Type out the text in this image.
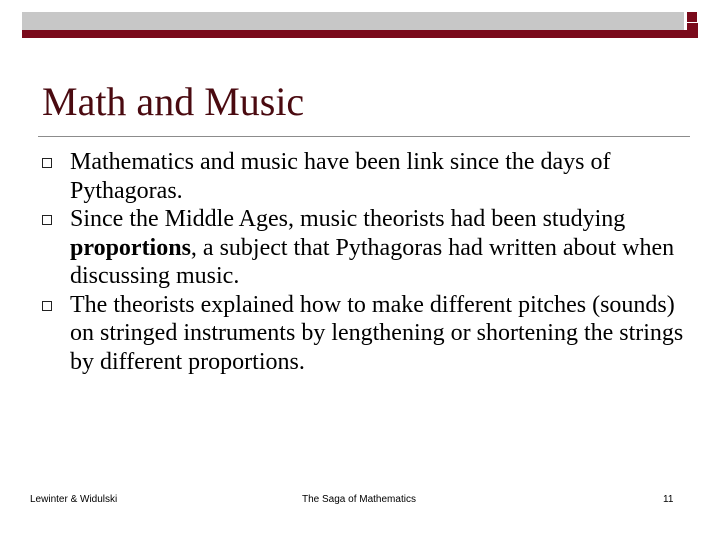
Math and Music
Mathematics and music have been link since the days of Pythagoras.
Since the Middle Ages, music theorists had been studying proportions, a subject that Pythagoras had written about when discussing music.
The theorists explained how to make different pitches (sounds) on stringed instruments by lengthening or shortening the strings by different proportions.
Lewinter & Widulski	The Saga of Mathematics	11
